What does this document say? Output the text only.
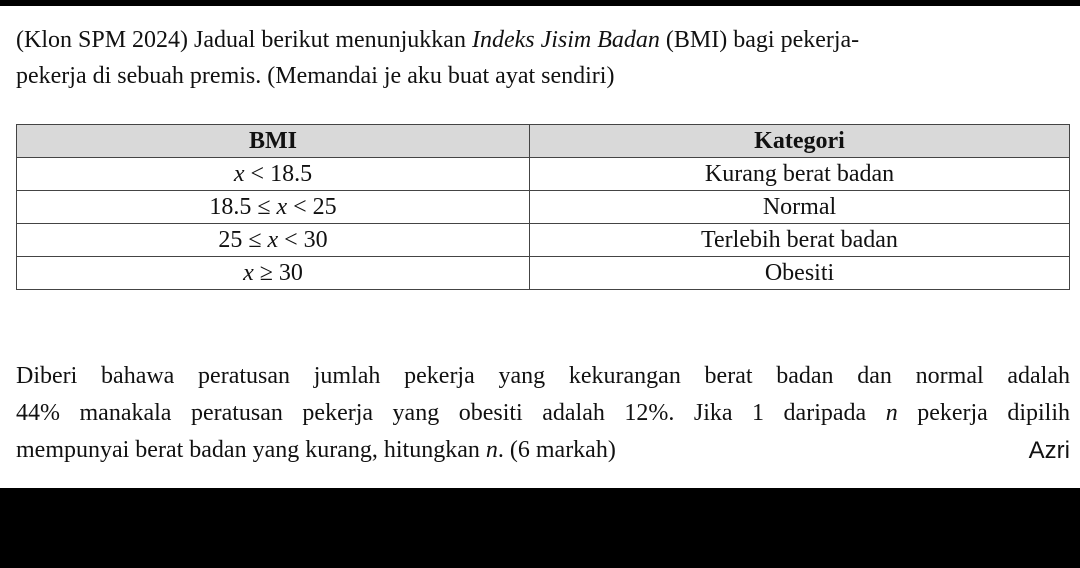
(Klon SPM 2024) Jadual berikut menunjukkan Indeks Jisim Badan (BMI) bagi pekerja-
pekerja di sebuah premis. (Memandai je aku buat ayat sendiri)
BMI	Kategori
x < 18.5	Kurang berat badan
18.5 ≤ x < 25	Normal
25 ≤ x < 30	Terlebih berat badan
x ≥ 30	Obesiti
Diberi bahawa peratusan jumlah pekerja yang kekurangan berat badan dan normal adalah
44% manakala peratusan pekerja yang obesiti adalah 12%. Jika 1 daripada n pekerja dipilih
mempunyai berat badan yang kurang, hitungkan n. (6 markah)	Azri
